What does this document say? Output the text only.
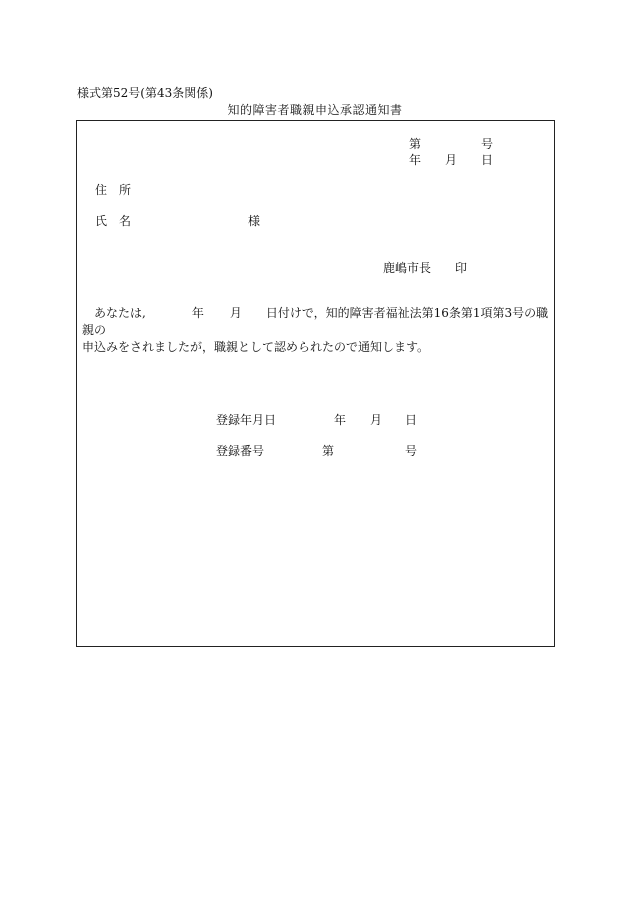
様式第52号(第43条関係)
知的障害者職親申込承認通知書
第	号
年 月 日
住　所
氏　名	様
鹿嶋市長 印
あなたは,	年 月 日付けで，知的障害者福祉法第16条第1項第3号の職親の
申込みをされましたが，職親として認められたので通知します。
登録年月日	年 月 日
登録番号	第	号
